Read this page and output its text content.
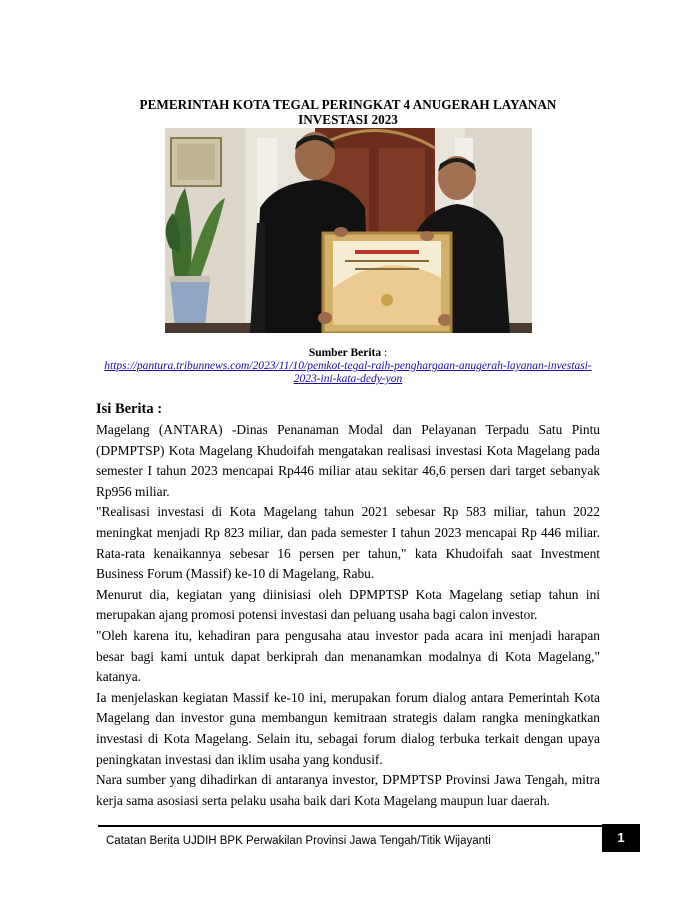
PEMERINTAH KOTA TEGAL PERINGKAT 4 ANUGERAH LAYANAN INVESTASI 2023
Sumber Berita :
https://pantura.tribunnews.com/2023/11/10/pemkot-tegal-raih-penghargaan-anugerah-layanan-investasi-2023-ini-kata-dedy-yon
Isi Berita :

Magelang (ANTARA) -Dinas Penanaman Modal dan Pelayanan Terpadu Satu Pintu (DPMPTSP) Kota Magelang Khudoifah mengatakan realisasi investasi Kota Magelang pada semester I tahun 2023 mencapai Rp446 miliar atau sekitar 46,6 persen dari target sebanyak Rp956 miliar.

"Realisasi investasi di Kota Magelang tahun 2021 sebesar Rp 583 miliar, tahun 2022 meningkat menjadi Rp 823 miliar, dan pada semester I tahun 2023 mencapai Rp 446 miliar. Rata-rata kenaikannya sebesar 16 persen per tahun," kata Khudoifah saat Investment Business Forum (Massif) ke-10 di Magelang, Rabu.

Menurut dia, kegiatan yang diinisiasi oleh DPMPTSP Kota Magelang setiap tahun ini merupakan ajang promosi potensi investasi dan peluang usaha bagi calon investor.

"Oleh karena itu, kehadiran para pengusaha atau investor pada acara ini menjadi harapan besar bagi kami untuk dapat berkiprah dan menanamkan modalnya di Kota Magelang," katanya.

Ia menjelaskan kegiatan Massif ke-10 ini, merupakan forum dialog antara Pemerintah Kota Magelang dan investor guna membangun kemitraan strategis dalam rangka meningkatkan investasi di Kota Magelang. Selain itu, sebagai forum dialog terbuka terkait dengan upaya peningkatan investasi dan iklim usaha yang kondusif.

Nara sumber yang dihadirkan di antaranya investor, DPMPTSP Provinsi Jawa Tengah, mitra kerja sama asosiasi serta pelaku usaha baik dari Kota Magelang maupun luar daerah.

Catatan Berita UJDIH BPK Perwakilan Provinsi Jawa Tengah/Titik Wijayanti	1
